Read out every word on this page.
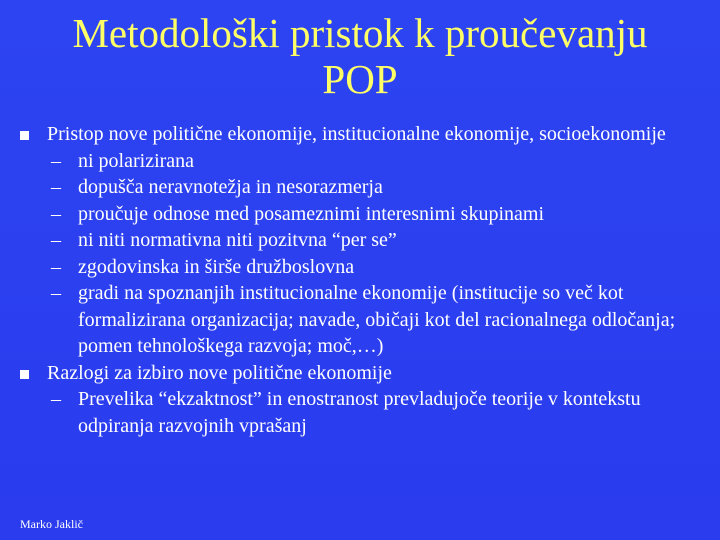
Metodološki pristok k proučevanju
POP

Pristop nove politične ekonomije, institucionalne ekonomije, socioekonomije

– ni polarizirana

– dopušča neravnotežja in nesorazmerja

– proučuje odnose med posameznimi interesnimi skupinami

– ni niti normativna niti pozitvna “per se”

– zgodovinska in širše družboslovna

– gradi na spoznanjih institucionalne ekonomije (institucije so več kot formalizirana organizacija; navade, običaji kot del racionalnega odločanja; pomen tehnološkega razvoja; moč,…)

Razlogi za izbiro nove politične ekonomije

– Prevelika “ekzaktnost” in enostranost prevladujoče teorije v kontekstu odpiranja razvojnih vprašanj

Marko Jaklič
